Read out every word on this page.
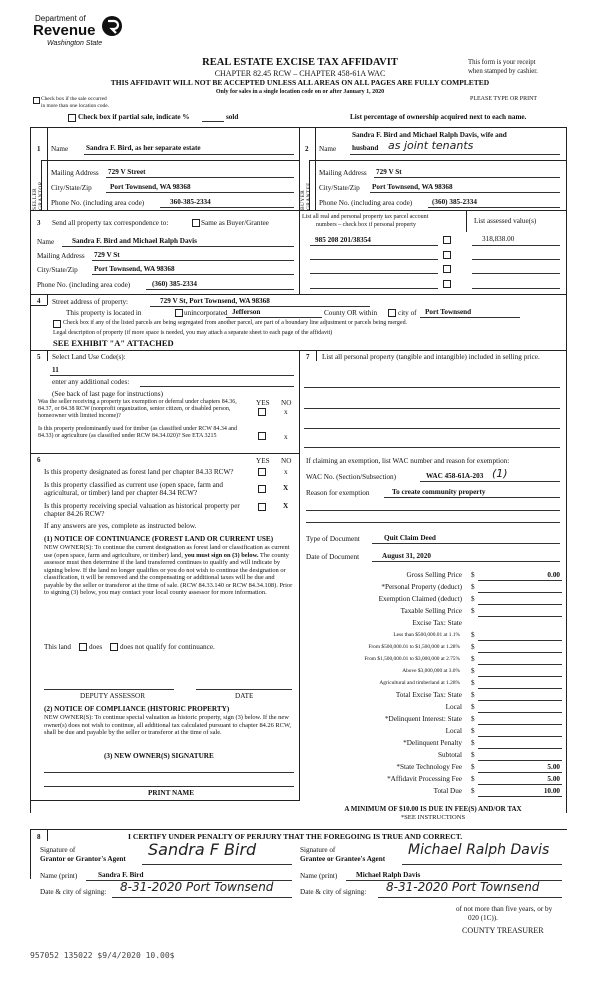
Department of
Revenue
Washington State
REAL ESTATE EXCISE TAX AFFIDAVIT
CHAPTER 82.45 RCW – CHAPTER 458-61A WAC
THIS AFFIDAVIT WILL NOT BE ACCEPTED UNLESS ALL AREAS ON ALL PAGES ARE FULLY COMPLETED
Only for sales in a single location code on or after January 1, 2020
This form is your receipt
when stamped by cashier.
PLEASE TYPE OR PRINT
Check box if the sale occurred
in more than one location code.
Check box if partial sale, indicate %	sold	List percentage of ownership acquired next to each name.
1
SELLER GRANTOR
Name Sandra F. Bird, as her separate estate
Mailing Address 729 V Street
City/State/Zip	Port Townsend, WA 98368
Phone No. (including area code)	360-385-2334
2
BUYER GRANTEE
Sandra F. Bird and Michael Ralph Davis, wife and
Name husband as joint tenants
Mailing Address 729 V St
City/State/Zip Port Townsend, WA 98368
Phone No. (including area code)	(360) 385-2334
3 Send all property tax correspondence to:	Same as Buyer/Grantee
Name Sandra F. Bird and Michael Ralph Davis
Mailing Address 729 V St
City/State/Zip Port Townsend, WA 98368
Phone No. (including area code)	(360) 385-2334
List all real and personal property tax parcel account
numbers – check box if personal property	List assessed value(s)
985 208 201/38354	318,838.00
4 Street address of property:	729 V St, Port Townsend, WA 98368
This property is located in	unincorporated Jefferson	County OR within	city of Port Townsend
Check box if any of the listed parcels are being segregated from another parcel, are part of a boundary line adjustment or parcels being merged.
Legal description of property (if more space is needed, you may attach a separate sheet to each page of the affidavit)
SEE EXHIBIT "A" ATTACHED
5 Select Land Use Code(s):
11
enter any additional codes:
(See back of last page for instructions)
YES NO
Was the seller receiving a property tax exemption or deferral under chapters 84.36, 84.37, or 84.38 RCW (nonprofit organization, senior citizen, or disabled person, homeowner with limited income)?
x
Is this property predominantly used for timber (as classified under RCW 84.34 and 84.33) or agriculture (as classified under RCW 84.34.020)? See ETA 3215	x
7 List all personal property (tangible and intangible) included in selling price.
6	YES NO
Is this property designated as forest land per chapter 84.33 RCW?	x
Is this property classified as current use (open space, farm and agricultural, or timber) land per chapter 84.34 RCW?
X
Is this property receiving special valuation as historical property per chapter 84.26 RCW?
X
If any answers are yes, complete as instructed below.
(1) NOTICE OF CONTINUANCE (FOREST LAND OR CURRENT USE)
NEW OWNER(S): To continue the current designation as forest land or classification as current use (open space, farm and agriculture, or timber) land, you must sign on (3) below. The county assessor must then determine if the land transferred continues to qualify and will indicate by signing below. If the land no longer qualifies or you do not wish to continue the designation or classification, it will be removed and the compensating or additional taxes will be due and payable by the seller or transferor at the time of sale. (RCW 84.33.140 or RCW 84.34.108). Prior to signing (3) below, you may contact your local county assessor for more information.
This land	does does not qualify for continuance.
DEPUTY ASSESSOR	DATE
(2) NOTICE OF COMPLIANCE (HISTORIC PROPERTY)
NEW OWNER(S): To continue special valuation as historic property, sign (3) below. If the new owner(s) does not wish to continue, all additional tax calculated pursuant to chapter 84.26 RCW, shall be due and payable by the seller or transferor at the time of sale.
(3) NEW OWNER(S) SIGNATURE
PRINT NAME
If claiming an exemption, list WAC number and reason for exemption:
WAC No. (Section/Subsection)	WAC 458-61A-203 (1)
Reason for exemption	To create community property
Type of Document	Quit Claim Deed
Date of Document	August 31, 2020
Gross Selling Price $	0.00
*Personal Property (deduct) $
Exemption Claimed (deduct) $
Taxable Selling Price $
Excise Tax: State
Less than $500,000.01 at 1.1% $
From $500,000.01 to $1,500,000 at 1.28% $
From $1,500,000.01 to $3,000,000 at 2.75% $
Above $3,000,000 at 3.0% $
Agricultural and timberland at 1.28% $
Total Excise Tax: State $
Local $
*Delinquent Interest: State $
Local $
*Delinquent Penalty $
Subtotal $
*State Technology Fee $	5.00
*Affidavit Processing Fee $	5.00
Total Due $	10.00
A MINIMUM OF $10.00 IS DUE IN FEE(S) AND/OR TAX
*SEE INSTRUCTIONS
8	I CERTIFY UNDER PENALTY OF PERJURY THAT THE FOREGOING IS TRUE AND CORRECT.
Signature of
Grantor or Grantor's Agent Sandra F Bird
Name (print)	Sandra F. Bird
Date & city of signing: 8-31-2020 Port Townsend
Signature of
Grantee or Grantee's Agent
Michael Ralph Davis
Name (print)	Michael Ralph Davis
Date & city of signing: 8-31-2020 Port Townsend
of not more than five years, or by
020 (1C)).
COUNTY TREASURER
957052 135022 $9/4/2020 10.00$
